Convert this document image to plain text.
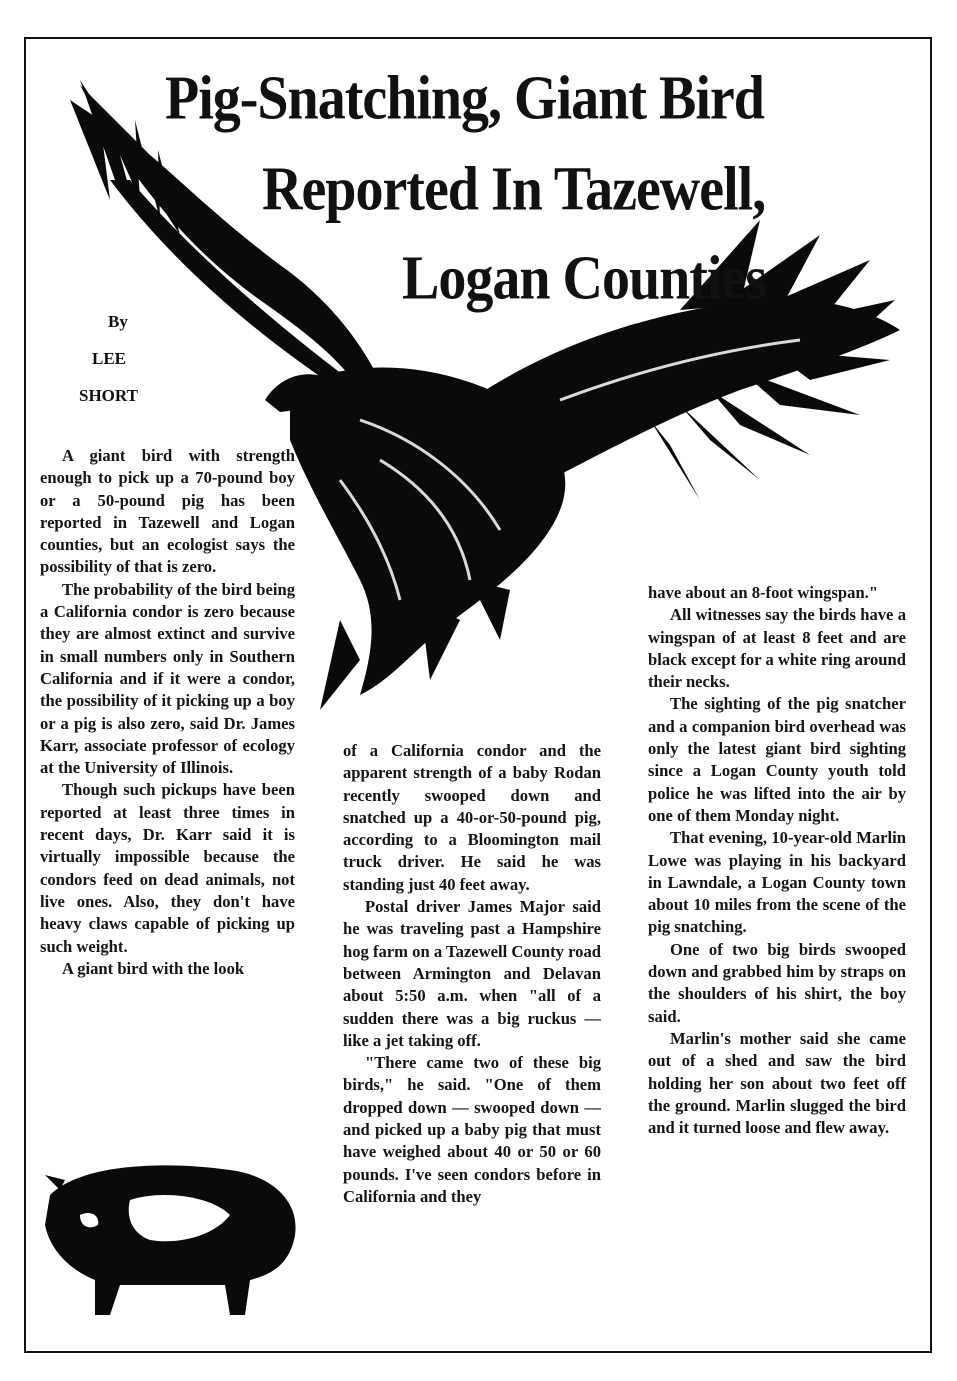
Pig-Snatching, Giant Bird
Reported In Tazewell,
Logan Counties
By
LEE
SHORT

A giant bird with strength enough to pick up a 70-pound boy or a 50-pound pig has been reported in Tazewell and Logan counties, but an ecologist says the possibility of that is zero.

The probability of the bird being a California condor is zero because they are almost extinct and survive in small numbers only in Southern California and if it were a condor, the possibility of it picking up a boy or a pig is also zero, said Dr. James Karr, associate professor of ecology at the University of Illinois.

Though such pickups have been reported at least three times in recent days, Dr. Karr said it is virtually impossible because the condors feed on dead animals, not live ones. Also, they don't have heavy claws capable of picking up such weight.

A giant bird with the look

of a California condor and the apparent strength of a baby Rodan recently swooped down and snatched up a 40-or-50-pound pig, according to a Bloomington mail truck driver. He said he was standing just 40 feet away.

Postal driver James Major said he was traveling past a Hampshire hog farm on a Tazewell County road between Armington and Delavan about 5:50 a.m. when "all of a sudden there was a big ruckus — like a jet taking off.

"There came two of these big birds," he said. "One of them dropped down — swooped down — and picked up a baby pig that must have weighed about 40 or 50 or 60 pounds. I've seen condors before in California and they

have about an 8-foot wingspan."

All witnesses say the birds have a wingspan of at least 8 feet and are black except for a white ring around their necks.

The sighting of the pig snatcher and a companion bird overhead was only the latest giant bird sighting since a Logan County youth told police he was lifted into the air by one of them Monday night.

That evening, 10-year-old Marlin Lowe was playing in his backyard in Lawndale, a Logan County town about 10 miles from the scene of the pig snatching.

One of two big birds swooped down and grabbed him by straps on the shoulders of his shirt, the boy said.

Marlin's mother said she came out of a shed and saw the bird holding her son about two feet off the ground. Marlin slugged the bird and it turned loose and flew away.
